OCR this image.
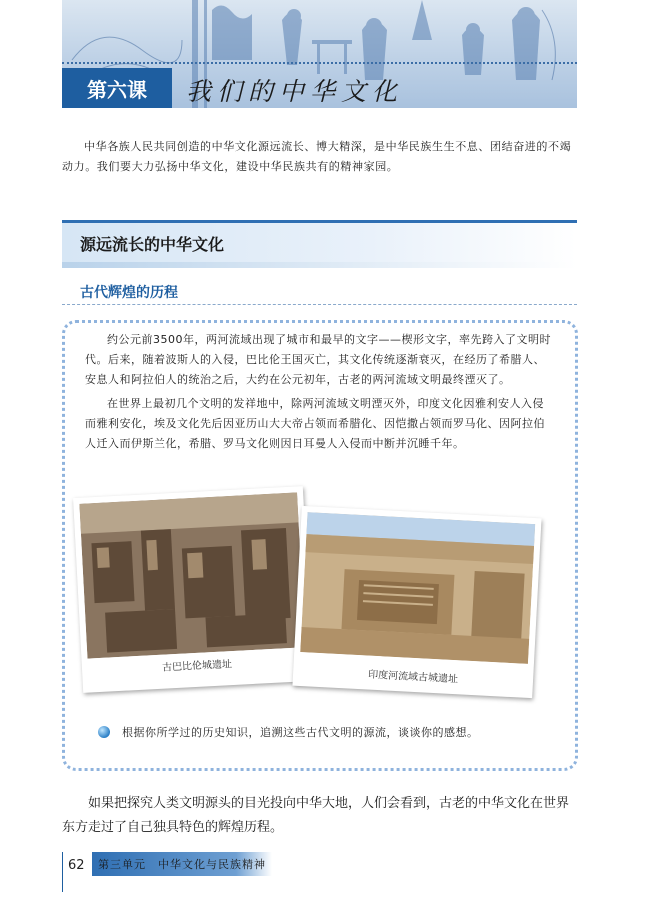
第六课	我们的中华文化
中华各族人民共同创造的中华文化源远流长、博大精深，是中华民族生生不息、团结奋进的不竭动力。我们要大力弘扬中华文化，建设中华民族共有的精神家园。
源远流长的中华文化
古代辉煌的历程
约公元前3500年，两河流域出现了城市和最早的文字——楔形文字，率先跨入了文明时代。后来，随着波斯人的入侵，巴比伦王国灭亡，其文化传统逐渐衰灭，在经历了希腊人、安息人和阿拉伯人的统治之后，大约在公元初年，古老的两河流域文明最终湮灭了。
在世界上最初几个文明的发祥地中，除两河流域文明湮灭外，印度文化因雅利安人入侵而雅利安化，埃及文化先后因亚历山大大帝占领而希腊化、因恺撒占领而罗马化、因阿拉伯人迁入而伊斯兰化，希腊、罗马文化则因日耳曼人入侵而中断并沉睡千年。
古巴比伦城遗址
印度河流域古城遗址
根据你所学过的历史知识，追溯这些古代文明的源流，谈谈你的感想。
如果把探究人类文明源头的目光投向中华大地，人们会看到，古老的中华文化在世界东方走过了自己独具特色的辉煌历程。
62 第三单元　中华文化与民族精神
